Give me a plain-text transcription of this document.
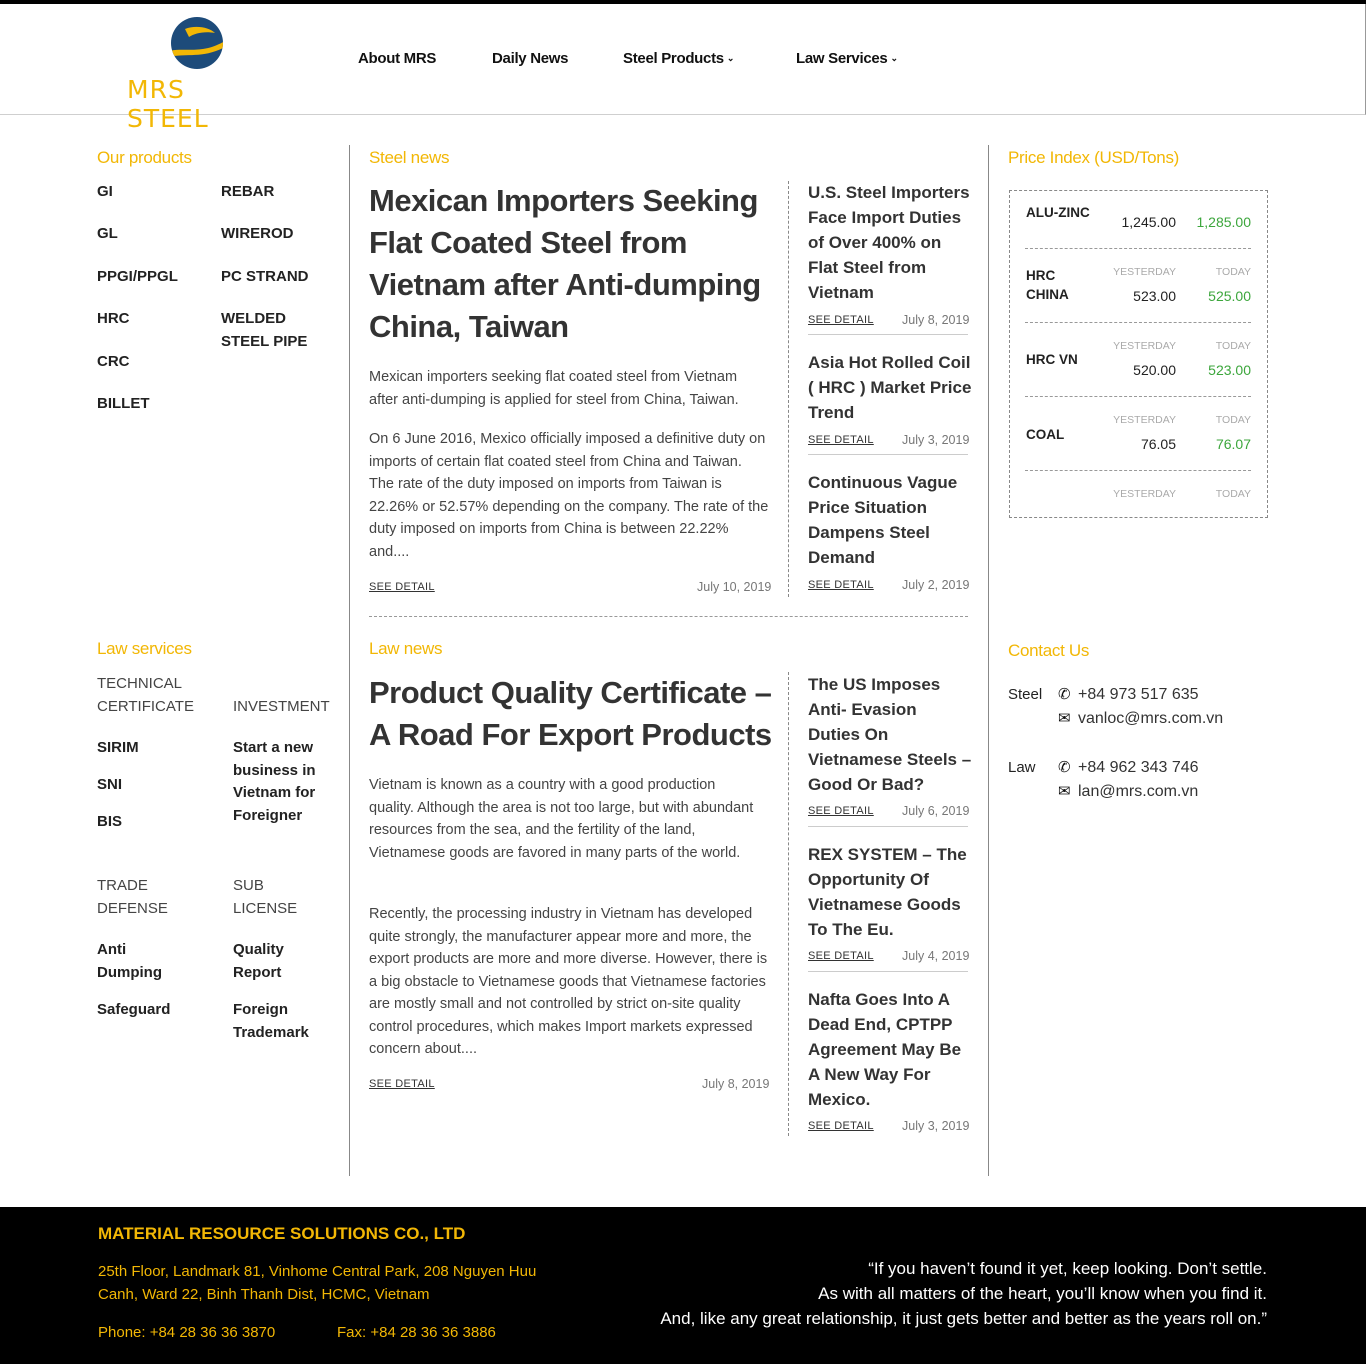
MRS STEEL
About MRS	Daily News	Steel Products ⌄	Law Services ⌄
Our products
GI
GL
PPGI/PPGL
HRC
CRC
BILLET
REBAR
WIREROD
PC STRAND
WELDED STEEL PIPE
Law services
TECHNICAL CERTIFICATE	INVESTMENT
SIRIM
SNI
BIS
Start a new business in Vietnam for Foreigner
TRADE DEFENSE
SUB LICENSE
Anti Dumping
Safeguard
Quality Report
Foreign Trademark
Steel news
Mexican Importers Seeking Flat Coated Steel from Vietnam after Anti-dumping China, Taiwan
Mexican importers seeking flat coated steel from Vietnam after anti-dumping is applied for steel from China, Taiwan.
On 6 June 2016, Mexico officially imposed a definitive duty on imports of certain flat coated steel from China and Taiwan. The rate of the duty imposed on imports from Taiwan is 22.26% or 52.57% depending on the company. The rate of the duty imposed on imports from China is between 22.22% and....
SEE DETAIL	July 10, 2019
U.S. Steel Importers Face Import Duties of Over 400% on Flat Steel from Vietnam
SEE DETAIL July 8, 2019
Asia Hot Rolled Coil ( HRC ) Market Price Trend
SEE DETAIL July 3, 2019
Continuous Vague Price Situation Dampens Steel Demand
SEE DETAIL July 2, 2019
Law news
Product Quality Certificate – A Road For Export Products
Vietnam is known as a country with a good production quality. Although the area is not too large, but with abundant resources from the sea, and the fertility of the land, Vietnamese goods are favored in many parts of the world.
Recently, the processing industry in Vietnam has developed quite strongly, the manufacturer appear more and more, the export products are more and more diverse. However, there is a big obstacle to Vietnamese goods that Vietnamese factories are mostly small and not controlled by strict on-site quality control procedures, which makes Import markets expressed concern about....
SEE DETAIL	July 8, 2019
The US Imposes Anti- Evasion Duties On Vietnamese Steels – Good Or Bad?
SEE DETAIL July 6, 2019
REX SYSTEM – The Opportunity Of Vietnamese Goods To The Eu.
SEE DETAIL July 4, 2019
Nafta Goes Into A Dead End, CPTPP Agreement May Be A New Way For Mexico.
SEE DETAIL July 3, 2019
Price Index (USD/Tons)
ALU-ZINC
1,245.00	1,285.00
YESTERDAY	TODAY
HRC CHINA	523.00	525.00
YESTERDAY	TODAY
HRC VN
520.00	523.00
YESTERDAY	TODAY
COAL
76.05	76.07
YESTERDAY	TODAY
Contact Us
Steel ✆ +84 973 517 635
✉ vanloc@mrs.com.vn
Law ✆ +84 962 343 746
✉ lan@mrs.com.vn
MATERIAL RESOURCE SOLUTIONS CO., LTD
25th Floor, Landmark 81, Vinhome Central Park, 208 Nguyen Huu
Canh, Ward 22, Binh Thanh Dist, HCMC, Vietnam
Phone: +84 28 36 36 3870	Fax: +84 28 36 36 3886
“If you haven’t found it yet, keep looking. Don’t settle.
As with all matters of the heart, you’ll know when you find it.
And, like any great relationship, it just gets better and better as the years roll on.”
